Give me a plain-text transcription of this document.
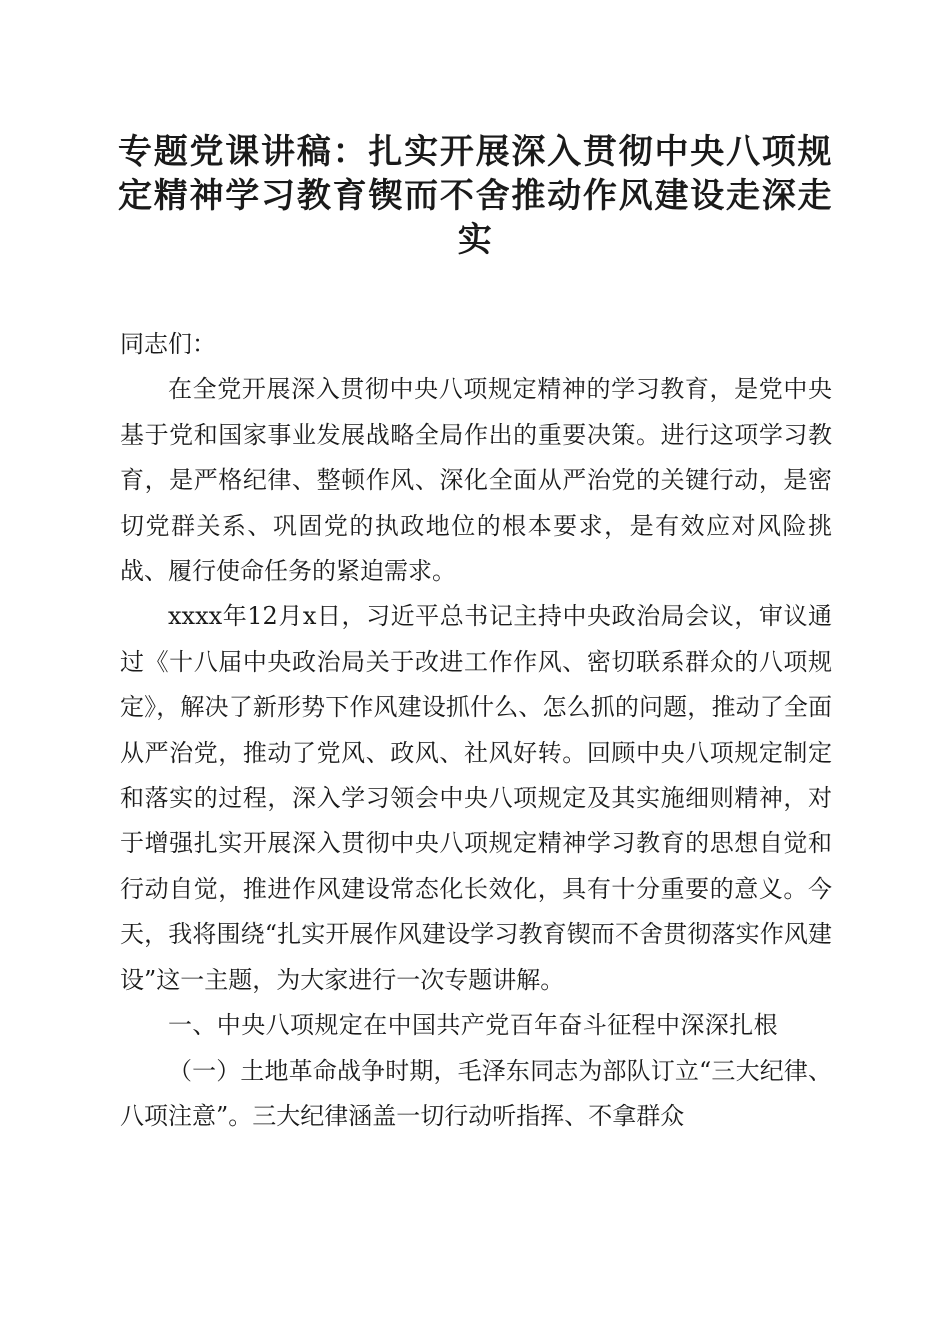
专题党课讲稿：扎实开展深入贯彻中央八项规定精神学习教育锲而不舍推动作风建设走深走实

同志们：

在全党开展深入贯彻中央八项规定精神的学习教育，是党中央基于党和国家事业发展战略全局作出的重要决策。进行这项学习教育，是严格纪律、整顿作风、深化全面从严治党的关键行动，是密切党群关系、巩固党的执政地位的根本要求，是有效应对风险挑战、履行使命任务的紧迫需求。

xxxx年12月x日，习近平总书记主持中央政治局会议，审议通过《十八届中央政治局关于改进工作作风、密切联系群众的八项规定》，解决了新形势下作风建设抓什么、怎么抓的问题，推动了全面从严治党，推动了党风、政风、社风好转。回顾中央八项规定制定和落实的过程，深入学习领会中央八项规定及其实施细则精神，对于增强扎实开展深入贯彻中央八项规定精神学习教育的思想自觉和行动自觉，推进作风建设常态化长效化，具有十分重要的意义。今天，我将围绕“扎实开展作风建设学习教育锲而不舍贯彻落实作风建设”这一主题，为大家进行一次专题讲解。

一、中央八项规定在中国共产党百年奋斗征程中深深扎根

（一）土地革命战争时期，毛泽东同志为部队订立“三大纪律、八项注意”。三大纪律涵盖一切行动听指挥、不拿群众
